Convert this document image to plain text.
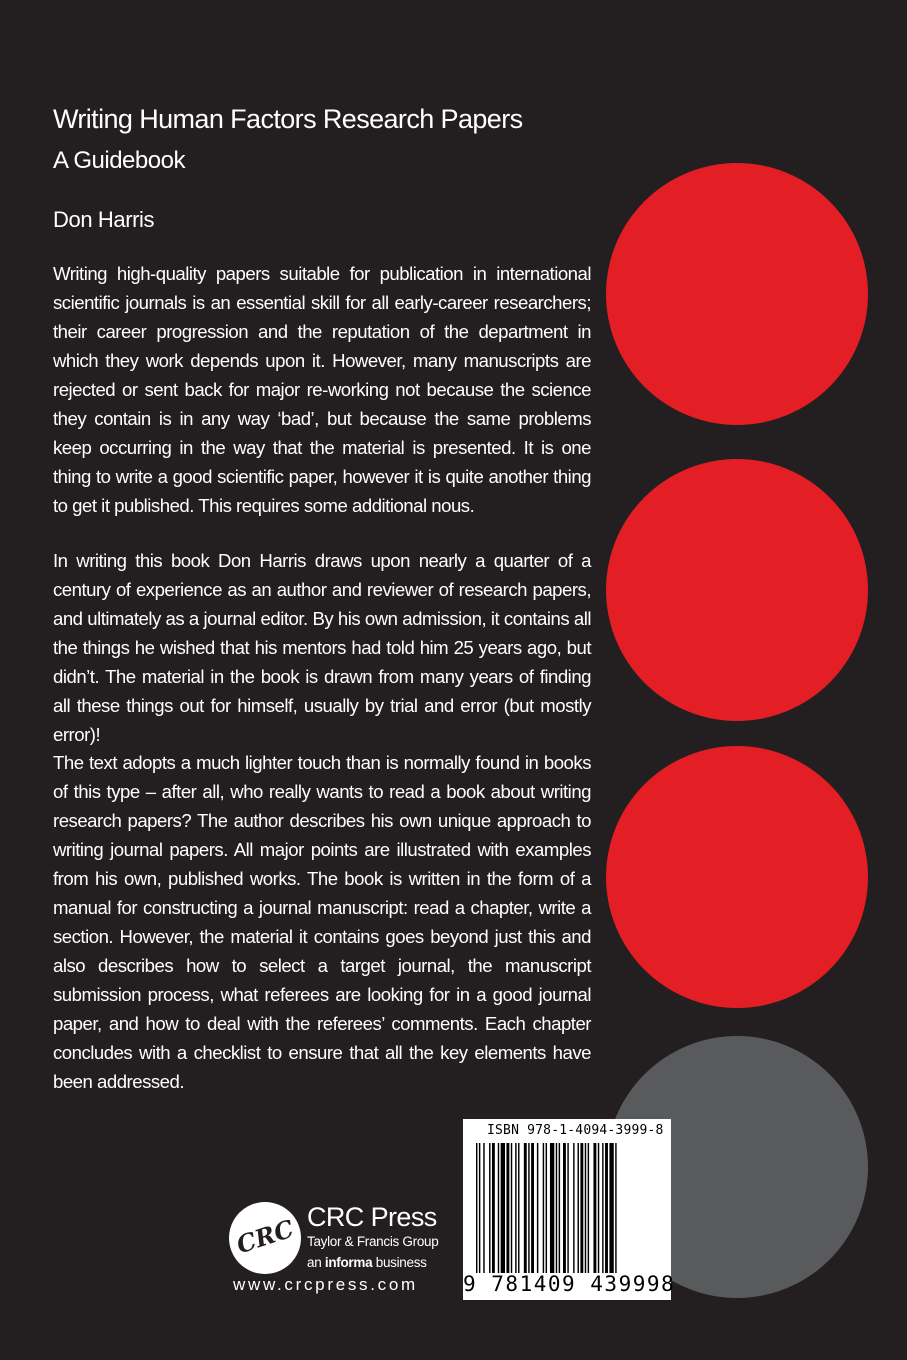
Writing Human Factors Research Papers
A Guidebook
Don Harris

Writing high-quality papers suitable for publication in international scientific journals is an essential skill for all early-career researchers; their career progression and the reputation of the department in which they work depends upon it. However, many manuscripts are rejected or sent back for major re-working not because the science they contain is in any way ‘bad’, but because the same problems keep occurring in the way that the material is presented. It is one thing to write a good scientific paper, however it is quite another thing to get it published. This requires some additional nous.

In writing this book Don Harris draws upon nearly a quarter of a century of experience as an author and reviewer of research papers, and ultimately as a journal editor. By his own admission, it contains all the things he wished that his mentors had told him 25 years ago, but didn’t. The material in the book is drawn from many years of finding all these things out for himself, usually by trial and error (but mostly error)!

The text adopts a much lighter touch than is normally found in books of this type – after all, who really wants to read a book about writing research papers? The author describes his own unique approach to writing journal papers. All major points are illustrated with examples from his own, published works. The book is written in the form of a manual for constructing a journal manuscript: read a chapter, write a section. However, the material it contains goes beyond just this and also describes how to select a target journal, the manuscript submission process, what referees are looking for in a good journal paper, and how to deal with the referees’ comments. Each chapter concludes with a checklist to ensure that all the key elements have been addressed.

CRC CRC Press
Taylor & Francis Group
an informa business
www.crcpress.com
ISBN 978-1-4094-3999-8
9 781409 439998
